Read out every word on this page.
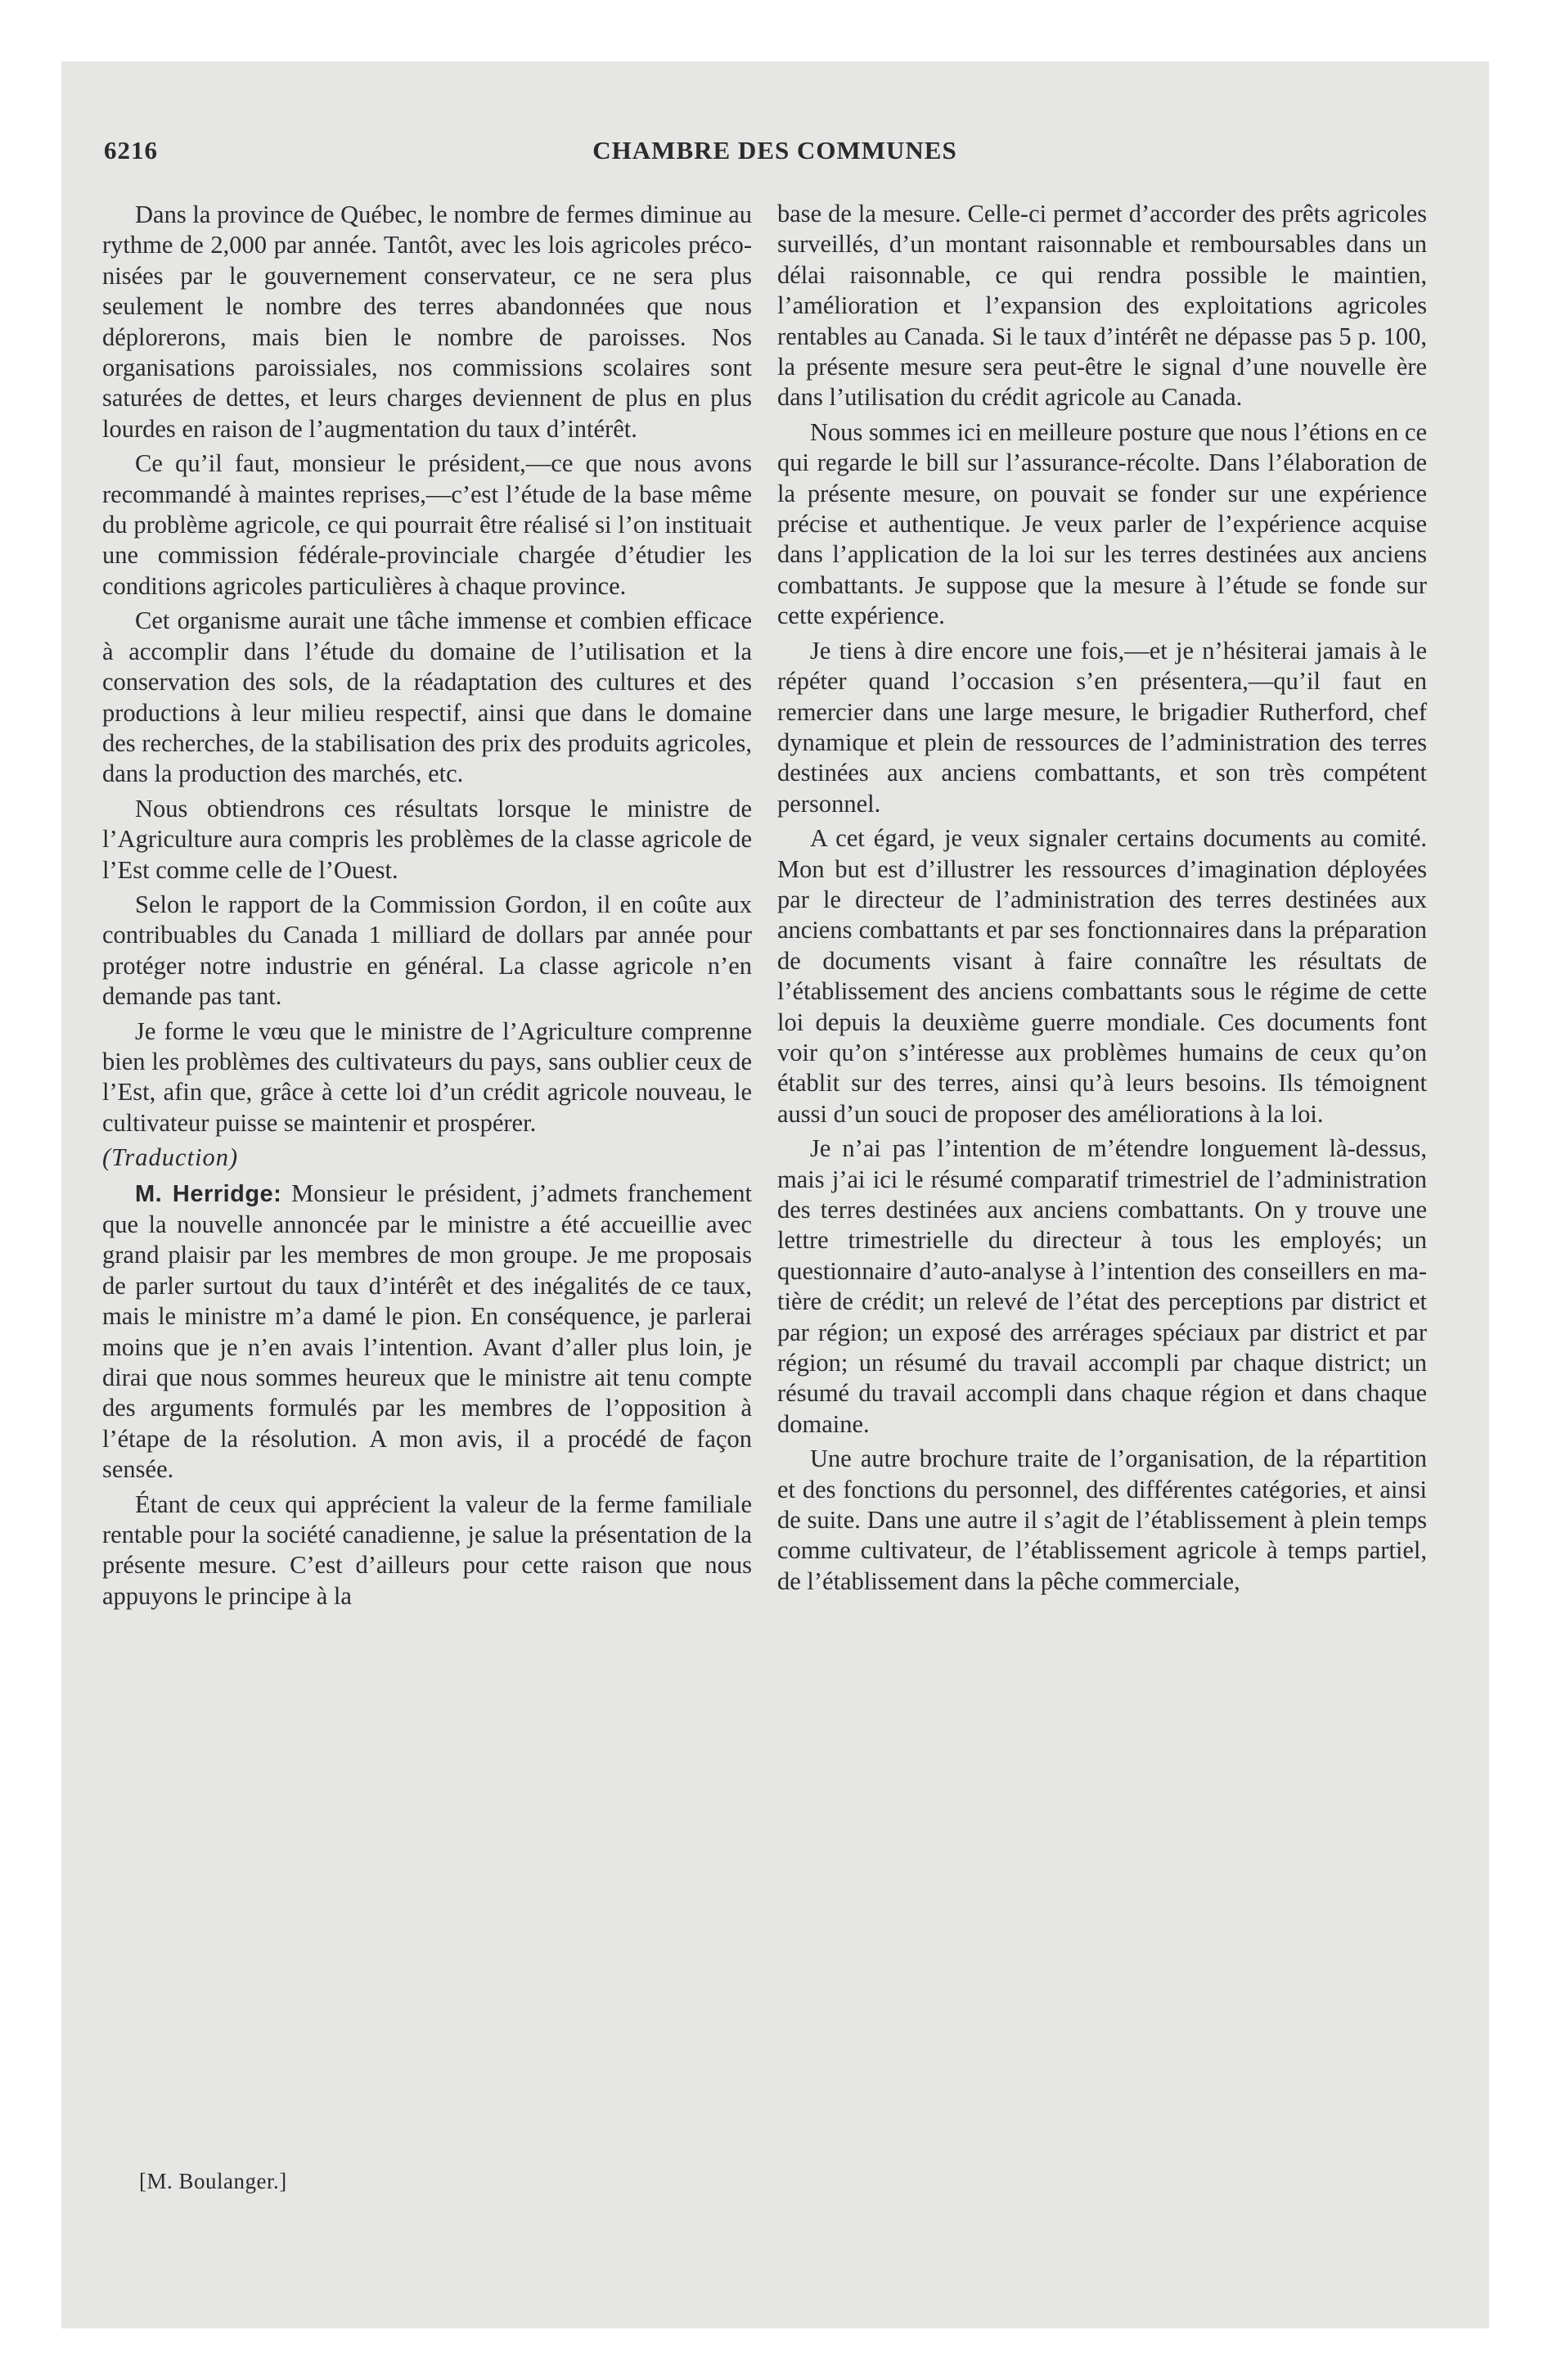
6216	CHAMBRE DES COMMUNES

Dans la province de Québec, le nombre de fermes diminue au rythme de 2,000 par année. Tantôt, avec les lois agricoles préconisées par le gouvernement conservateur, ce ne sera plus seulement le nombre des terres abandonnées que nous déplorerons, mais bien le nombre de paroisses. Nos organisations paroissiales, nos commissions scolaires sont saturées de dettes, et leurs charges deviennent de plus en plus lourdes en raison de l’augmentation du taux d’intérêt.

Ce qu’il faut, monsieur le président,—ce que nous avons recommandé à maintes reprises,—c’est l’étude de la base même du problème agricole, ce qui pourrait être réalisé si l’on instituait une commission fédérale-provinciale chargée d’étudier les conditions agricoles particulières à chaque province.

Cet organisme aurait une tâche immense et combien efficace à accomplir dans l’étude du domaine de l’utilisation et la conservation des sols, de la réadaptation des cultures et des productions à leur milieu respectif, ainsi que dans le domaine des recherches, de la stabilisation des prix des produits agricoles, dans la production des marchés, etc.

Nous obtiendrons ces résultats lorsque le ministre de l’Agriculture aura compris les problèmes de la classe agricole de l’Est comme celle de l’Ouest.

Selon le rapport de la Commission Gordon, il en coûte aux contribuables du Canada 1 milliard de dollars par année pour protéger notre industrie en général. La classe agricole n’en demande pas tant.

Je forme le vœu que le ministre de l’Agriculture comprenne bien les problèmes des cultivateurs du pays, sans oublier ceux de l’Est, afin que, grâce à cette loi d’un crédit agricole nouveau, le cultivateur puisse se maintenir et prospérer.

(Traduction)

M. Herridge: Monsieur le président, j’admets franchement que la nouvelle annoncée par le ministre a été accueillie avec grand plaisir par les membres de mon groupe. Je me proposais de parler surtout du taux d’intérêt et des inégalités de ce taux, mais le ministre m’a damé le pion. En conséquence, je parlerai moins que je n’en avais l’intention. Avant d’aller plus loin, je dirai que nous sommes heureux que le ministre ait tenu compte des arguments formulés par les membres de l’opposition à l’étape de la résolution. A mon avis, il a procédé de façon sensée.

Étant de ceux qui apprécient la valeur de la ferme familiale rentable pour la société canadienne, je salue la présentation de la présente mesure. C’est d’ailleurs pour cette raison que nous appuyons le principe à la

base de la mesure. Celle-ci permet d’accorder des prêts agricoles surveillés, d’un montant raisonnable et remboursables dans un délai raisonnable, ce qui rendra possible le maintien, l’amélioration et l’expansion des exploitations agricoles rentables au Canada. Si le taux d’intérêt ne dépasse pas 5 p. 100, la présente mesure sera peut-être le signal d’une nouvelle ère dans l’utilisation du crédit agricole au Canada.

Nous sommes ici en meilleure posture que nous l’étions en ce qui regarde le bill sur l’assurance-récolte. Dans l’élaboration de la présente mesure, on pouvait se fonder sur une expérience précise et authentique. Je veux parler de l’expérience acquise dans l’application de la loi sur les terres destinées aux anciens combattants. Je suppose que la mesure à l’étude se fonde sur cette expérience.

Je tiens à dire encore une fois,—et je n’hésiterai jamais à le répéter quand l’occasion s’en présentera,—qu’il faut en remercier dans une large mesure, le brigadier Rutherford, chef dynamique et plein de ressources de l’administration des terres destinées aux anciens combattants, et son très compétent personnel.

A cet égard, je veux signaler certains documents au comité. Mon but est d’illustrer les ressources d’imagination déployées par le directeur de l’administration des terres destinées aux anciens combattants et par ses fonctionnaires dans la préparation de documents visant à faire connaître les résultats de l’établissement des anciens combattants sous le régime de cette loi depuis la deuxième guerre mondiale. Ces documents font voir qu’on s’intéresse aux problèmes humains de ceux qu’on établit sur des terres, ainsi qu’à leurs besoins. Ils témoignent aussi d’un souci de proposer des améliorations à la loi.

Je n’ai pas l’intention de m’étendre longuement là-dessus, mais j’ai ici le résumé comparatif trimestriel de l’administration des terres destinées aux anciens combattants. On y trouve une lettre trimestrielle du directeur à tous les employés; un questionnaire d’auto-analyse à l’intention des conseillers en matière de crédit; un relevé de l’état des perceptions par district et par région; un exposé des arrérages spéciaux par district et par région; un résumé du travail accompli par chaque district; un résumé du travail accompli dans chaque région et dans chaque domaine.

Une autre brochure traite de l’organisation, de la répartition et des fonctions du personnel, des différentes catégories, et ainsi de suite. Dans une autre il s’agit de l’établissement à plein temps comme cultivateur, de l’établissement agricole à temps partiel, de l’établissement dans la pêche commerciale,

[M. Boulanger.]
